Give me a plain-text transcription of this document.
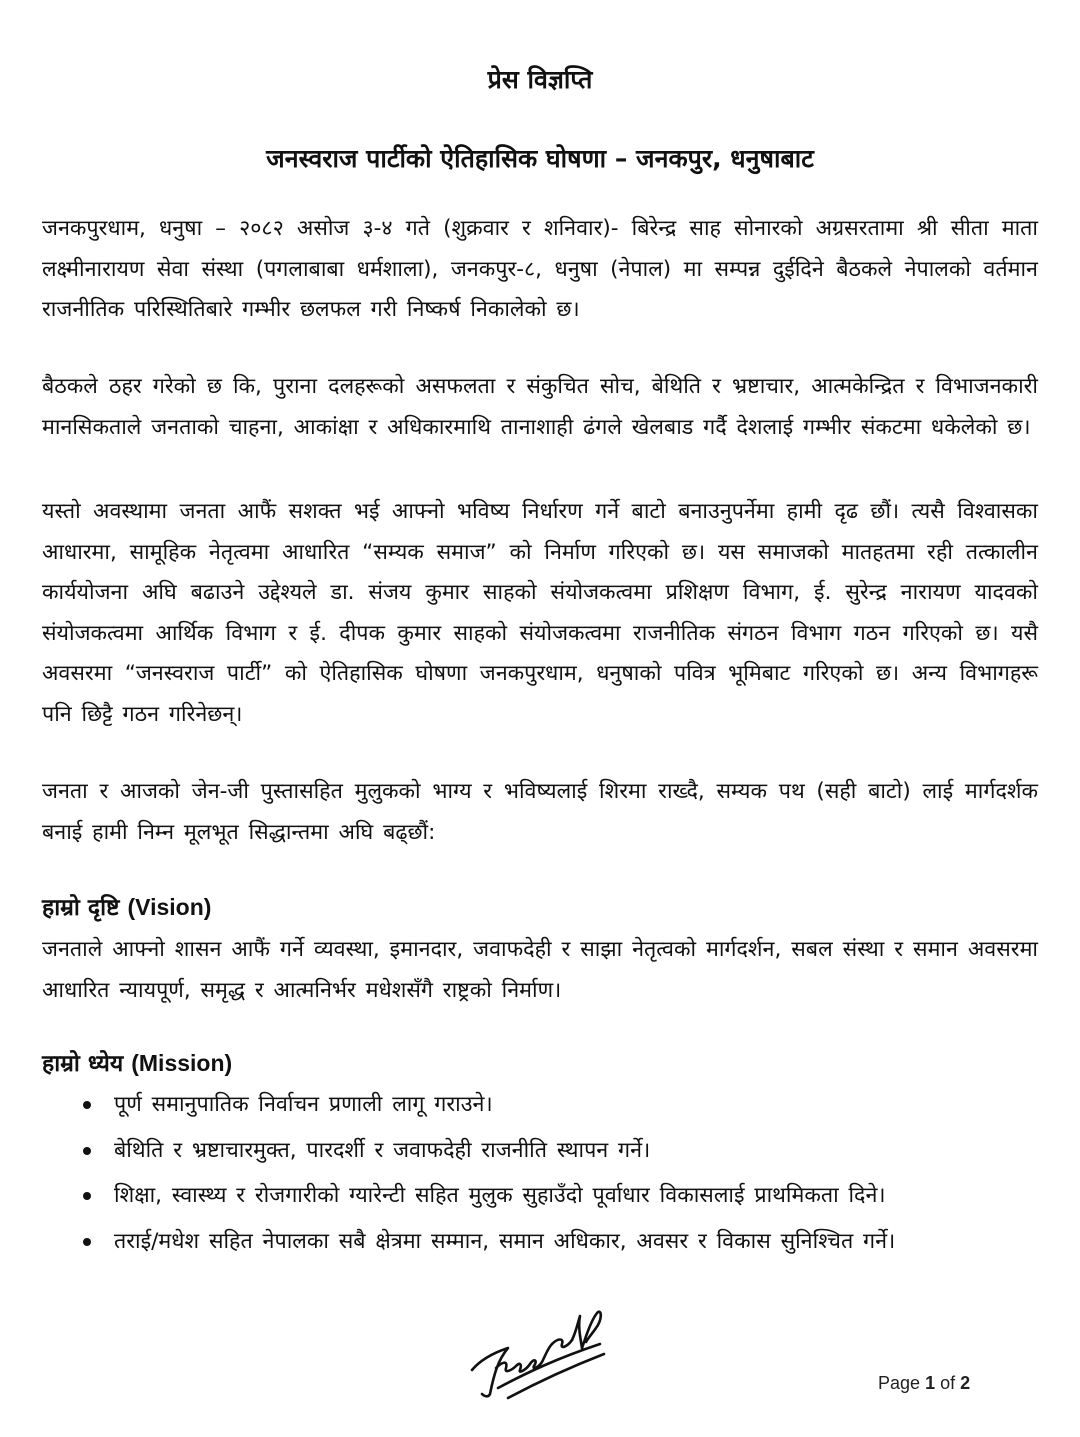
प्रेस विज्ञप्ति
जनस्वराज पार्टीको ऐतिहासिक घोषणा – जनकपुर, धनुषाबाट

जनकपुरधाम, धनुषा – २०८२ असोज ३-४ गते (शुक्रवार र शनिवार)- बिरेन्द्र साह सोनारको अग्रसरतामा श्री सीता माता लक्ष्मीनारायण सेवा संस्था (पगलाबाबा धर्मशाला), जनकपुर-८, धनुषा (नेपाल) मा सम्पन्न दुईदिने बैठकले नेपालको वर्तमान राजनीतिक परिस्थितिबारे गम्भीर छलफल गरी निष्कर्ष निकालेको छ।

बैठकले ठहर गरेको छ कि, पुराना दलहरूको असफलता र संकुचित सोच, बेथिति र भ्रष्टाचार, आत्मकेन्द्रित र विभाजनकारी मानसिकताले जनताको चाहना, आकांक्षा र अधिकारमाथि तानाशाही ढंगले खेलबाड गर्दै देशलाई गम्भीर संकटमा धकेलेको छ।

यस्तो अवस्थामा जनता आफैं सशक्त भई आफ्नो भविष्य निर्धारण गर्ने बाटो बनाउनुपर्नेमा हामी दृढ छौं। त्यसै विश्वासका आधारमा, सामूहिक नेतृत्वमा आधारित “सम्यक समाज” को निर्माण गरिएको छ। यस समाजको मातहतमा रही तत्कालीन कार्ययोजना अघि बढाउने उद्देश्यले डा. संजय कुमार साहको संयोजकत्वमा प्रशिक्षण विभाग, ई. सुरेन्द्र नारायण यादवको संयोजकत्वमा आर्थिक विभाग र ई. दीपक कुमार साहको संयोजकत्वमा राजनीतिक संगठन विभाग गठन गरिएको छ। यसै अवसरमा “जनस्वराज पार्टी” को ऐतिहासिक घोषणा जनकपुरधाम, धनुषाको पवित्र भूमिबाट गरिएको छ। अन्य विभागहरू पनि छिट्टै गठन गरिनेछन्।

जनता र आजको जेन-जी पुस्तासहित मुलुकको भाग्य र भविष्यलाई शिरमा राख्दै, सम्यक पथ (सही बाटो) लाई मार्गदर्शक बनाई हामी निम्न मूलभूत सिद्धान्तमा अघि बढ्छौं:

हाम्रो दृष्टि (Vision)

जनताले आफ्नो शासन आफैं गर्ने व्यवस्था, इमानदार, जवाफदेही र साझा नेतृत्वको मार्गदर्शन, सबल संस्था र समान अवसरमा आधारित न्यायपूर्ण, समृद्ध र आत्मनिर्भर मधेशसँगै राष्ट्रको निर्माण।

हाम्रो ध्येय (Mission)
पूर्ण समानुपातिक निर्वाचन प्रणाली लागू गराउने।
बेथिति र भ्रष्टाचारमुक्त, पारदर्शी र जवाफदेही राजनीति स्थापन गर्ने।
शिक्षा, स्वास्थ्य र रोजगारीको ग्यारेन्टी सहित मुलुक सुहाउँदो पूर्वाधार विकासलाई प्राथमिकता दिने।
तराई/मधेश सहित नेपालका सबै क्षेत्रमा सम्मान, समान अधिकार, अवसर र विकास सुनिश्चित गर्ने।
Page 1 of 2
